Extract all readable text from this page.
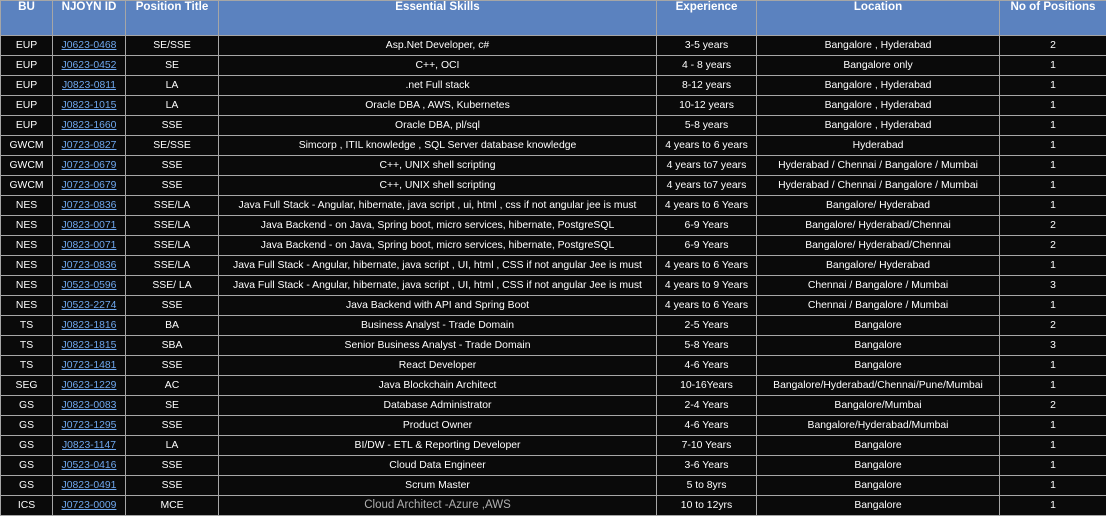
BU	NJOYN ID	Position Title	Essential Skills	Experience	Location	No of Positions
EUP	J0623-0468	SE/SSE	Asp.Net Developer, c#	3-5 years	Bangalore , Hyderabad	2
EUP	J0623-0452	SE	C++, OCI	4 - 8 years	Bangalore only	1
EUP	J0823-0811	LA	.net Full stack	8-12 years	Bangalore , Hyderabad	1
EUP	J0823-1015	LA	Oracle DBA , AWS, Kubernetes	10-12 years	Bangalore , Hyderabad	1
EUP	J0823-1660	SSE	Oracle DBA, pl/sql	5-8 years	Bangalore , Hyderabad	1
GWCM	J0723-0827	SE/SSE	Simcorp , ITIL knowledge , SQL Server database knowledge	4 years to 6 years	Hyderabad	1
GWCM	J0723-0679	SSE	C++, UNIX shell scripting	4 years to7 years	Hyderabad / Chennai / Bangalore / Mumbai	1
GWCM	J0723-0679	SSE	C++, UNIX shell scripting	4 years to7 years	Hyderabad / Chennai / Bangalore / Mumbai	1
NES	J0723-0836	SSE/LA	Java Full Stack - Angular, hibernate, java script , ui, html , css if not angular jee is must	4 years to 6 Years	Bangalore/ Hyderabad	1
NES	J0823-0071	SSE/LA	Java Backend - on Java, Spring boot, micro services, hibernate, PostgreSQL	6-9 Years	Bangalore/ Hyderabad/Chennai	2
NES	J0823-0071	SSE/LA	Java Backend - on Java, Spring boot, micro services, hibernate, PostgreSQL	6-9 Years	Bangalore/ Hyderabad/Chennai	2
NES	J0723-0836	SSE/LA	Java Full Stack - Angular, hibernate, java script , UI, html , CSS if not angular Jee is must	4 years to 6 Years	Bangalore/ Hyderabad	1
NES	J0523-0596	SSE/ LA	Java Full Stack - Angular, hibernate, java script , UI, html , CSS if not angular Jee is must	4 years to 9 Years	Chennai / Bangalore / Mumbai	3
NES	J0523-2274	SSE	Java Backend with API and Spring Boot	4 years to 6 Years	Chennai / Bangalore / Mumbai	1
TS	J0823-1816	BA	Business Analyst - Trade Domain	2-5 Years	Bangalore	2
TS	J0823-1815	SBA	Senior Business Analyst - Trade Domain	5-8 Years	Bangalore	3
TS	J0723-1481	SSE	React Developer	4-6 Years	Bangalore	1
SEG	J0623-1229	AC	Java Blockchain Architect	10-16Years	Bangalore/Hyderabad/Chennai/Pune/Mumbai	1
GS	J0823-0083	SE	Database Administrator	2-4 Years	Bangalore/Mumbai	2
GS	J0723-1295	SSE	Product Owner	4-6 Years	Bangalore/Hyderabad/Mumbai	1
GS	J0823-1147	LA	BI/DW - ETL & Reporting Developer	7-10 Years	Bangalore	1
GS	J0523-0416	SSE	Cloud Data Engineer	3-6 Years	Bangalore	1
GS	J0823-0491	SSE	Scrum Master	5 to 8yrs	Bangalore	1
ICS	J0723-0009	MCE	Cloud Architect -Azure ,AWS	10 to 12yrs	Bangalore	1
